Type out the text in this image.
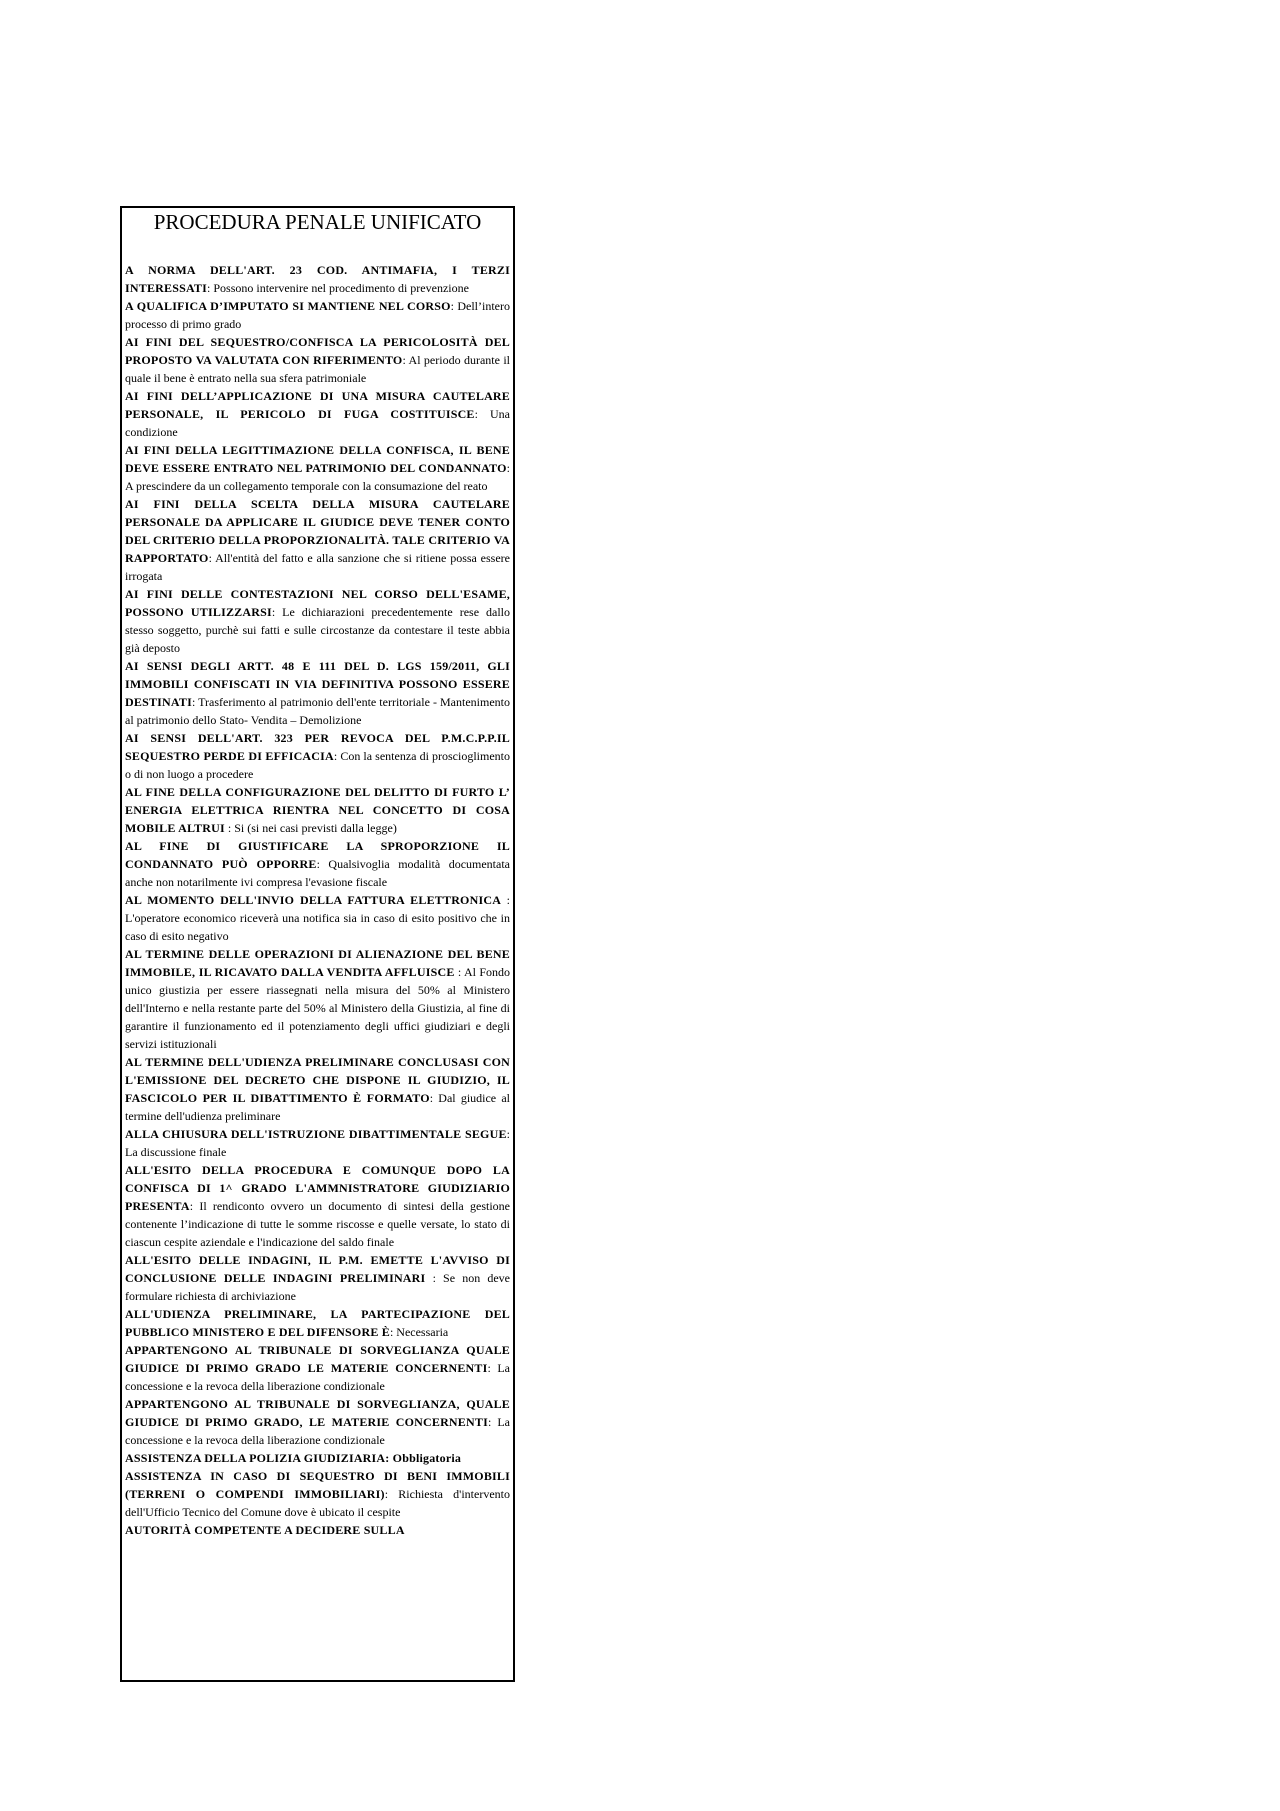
PROCEDURA PENALE UNIFICATO

A NORMA DELL'ART. 23 COD. ANTIMAFIA, I TERZI INTERESSATI: Possono intervenire nel procedimento di prevenzione

A QUALIFICA D’IMPUTATO SI MANTIENE NEL CORSO: Dell’intero processo di primo grado

AI FINI DEL SEQUESTRO/CONFISCA LA PERICOLOSITÀ DEL PROPOSTO VA VALUTATA CON RIFERIMENTO: Al periodo durante il quale il bene è entrato nella sua sfera patrimoniale

AI FINI DELL’APPLICAZIONE DI UNA MISURA CAUTELARE PERSONALE, IL PERICOLO DI FUGA COSTITUISCE: Una condizione

AI FINI DELLA LEGITTIMAZIONE DELLA CONFISCA, IL BENE DEVE ESSERE ENTRATO NEL PATRIMONIO DEL CONDANNATO: A prescindere da un collegamento temporale con la consumazione del reato

AI FINI DELLA SCELTA DELLA MISURA CAUTELARE PERSONALE DA APPLICARE IL GIUDICE DEVE TENER CONTO DEL CRITERIO DELLA PROPORZIONALITÀ. TALE CRITERIO VA RAPPORTATO: All'entità del fatto e alla sanzione che si ritiene possa essere irrogata

AI FINI DELLE CONTESTAZIONI NEL CORSO DELL'ESAME, POSSONO UTILIZZARSI: Le dichiarazioni precedentemente rese dallo stesso soggetto, purchè sui fatti e sulle circostanze da contestare il teste abbia già deposto

AI SENSI DEGLI ARTT. 48 E 111 DEL D. LGS 159/2011, GLI IMMOBILI CONFISCATI IN VIA DEFINITIVA POSSONO ESSERE DESTINATI: Trasferimento al patrimonio dell'ente territoriale - Mantenimento al patrimonio dello Stato- Vendita – Demolizione

AI SENSI DELL'ART. 323 PER REVOCA DEL P.M.C.P.P.IL SEQUESTRO PERDE DI EFFICACIA: Con la sentenza di proscioglimento o di non luogo a procedere

AL FINE DELLA CONFIGURAZIONE DEL DELITTO DI FURTO L’ ENERGIA ELETTRICA RIENTRA NEL CONCETTO DI COSA MOBILE ALTRUI : Si (si nei casi previsti dalla legge)

AL FINE DI GIUSTIFICARE LA SPROPORZIONE IL CONDANNATO PUÒ OPPORRE: Qualsivoglia modalità documentata anche non notarilmente ivi compresa l'evasione fiscale

AL MOMENTO DELL'INVIO DELLA FATTURA ELETTRONICA : L'operatore economico riceverà una notifica sia in caso di esito positivo che in caso di esito negativo

AL TERMINE DELLE OPERAZIONI DI ALIENAZIONE DEL BENE IMMOBILE, IL RICAVATO DALLA VENDITA AFFLUISCE : Al Fondo unico giustizia per essere riassegnati nella misura del 50% al Ministero dell'Interno e nella restante parte del 50% al Ministero della Giustizia, al fine di garantire il funzionamento ed il potenziamento degli uffici giudiziari e degli servizi istituzionali

AL TERMINE DELL'UDIENZA PRELIMINARE CONCLUSASI CON L'EMISSIONE DEL DECRETO CHE DISPONE IL GIUDIZIO, IL FASCICOLO PER IL DIBATTIMENTO È FORMATO: Dal giudice al termine dell'udienza preliminare

ALLA CHIUSURA DELL'ISTRUZIONE DIBATTIMENTALE SEGUE: La discussione finale

ALL'ESITO DELLA PROCEDURA E COMUNQUE DOPO LA CONFISCA DI 1^ GRADO L'AMMNISTRATORE GIUDIZIARIO PRESENTA: Il rendiconto ovvero un documento di sintesi della gestione contenente l’indicazione di tutte le somme riscosse e quelle versate, lo stato di ciascun cespite aziendale e l'indicazione del saldo finale

ALL'ESITO DELLE INDAGINI, IL P.M. EMETTE L'AVVISO DI CONCLUSIONE DELLE INDAGINI PRELIMINARI : Se non deve formulare richiesta di archiviazione

ALL'UDIENZA PRELIMINARE, LA PARTECIPAZIONE DEL PUBBLICO MINISTERO E DEL DIFENSORE È: Necessaria

APPARTENGONO AL TRIBUNALE DI SORVEGLIANZA QUALE GIUDICE DI PRIMO GRADO LE MATERIE CONCERNENTI: La concessione e la revoca della liberazione condizionale

APPARTENGONO AL TRIBUNALE DI SORVEGLIANZA, QUALE GIUDICE DI PRIMO GRADO, LE MATERIE CONCERNENTI: La concessione e la revoca della liberazione condizionale

ASSISTENZA DELLA POLIZIA GIUDIZIARIA: Obbligatoria

ASSISTENZA IN CASO DI SEQUESTRO DI BENI IMMOBILI (TERRENI O COMPENDI IMMOBILIARI): Richiesta d'intervento dell'Ufficio Tecnico del Comune dove è ubicato il cespite

AUTORITÀ COMPETENTE A DECIDERE SULLA
